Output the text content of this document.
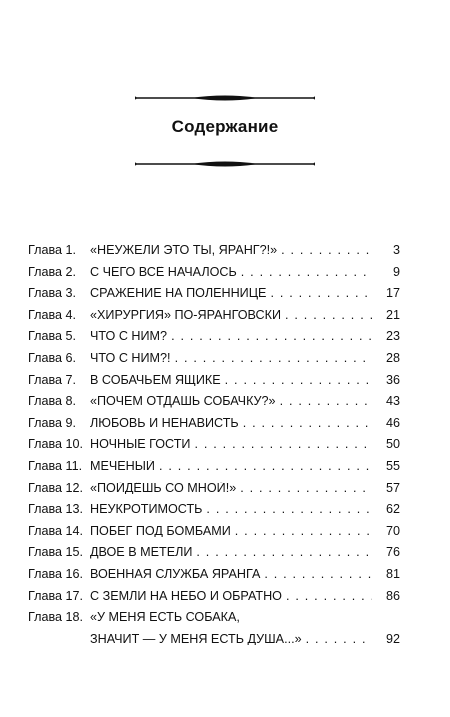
Содержание
Глава 1.	«НЕУЖЕЛИ ЭТО ТЫ, ЯРАНГ?!» . . .	3
Глава 2.	С ЧЕГО ВСЁ НАЧАЛОСЬ . . .	9
Глава 3.	СРАЖЕНИЕ НА ПОЛЕННИЦЕ . . .	17
Глава 4.	«ХИРУРГИЯ» ПО-ЯРАНГОВСКИ . . .	21
Глава 5.	ЧТО С НИМ? . . .	23
Глава 6.	ЧТО С НИМ?! . . .	28
Глава 7.	В СОБАЧЬЕМ ЯЩИКЕ . . .	36
Глава 8.	«ПОЧЁМ ОТДАШЬ СОБАЧКУ?» . . .	43
Глава 9.	ЛЮБОВЬ И НЕНАВИСТЬ . . .	46
Глава 10. НОЧНЫЕ ГОСТИ . . .	50
Глава 11. МЕЧЕНЫЙ . . .	55
Глава 12. «ПОЙДЁШЬ СО МНОЙ!» . . .	57
Глава 13. НЕУКРОТИМОСТЬ . . .	62
Глава 14. ПОБЕГ ПОД БОМБАМИ . . .	70
Глава 15. ДВОЕ В МЕТЕЛИ . . .	76
Глава 16. ВОЕННАЯ СЛУЖБА ЯРАНГА . . .	81
Глава 17. С ЗЕМЛИ НА НЕБО И ОБРАТНО . . .	86
Глава 18. «У МЕНЯ ЕСТЬ СОБАКА,
ЗНАЧИТ — У МЕНЯ ЕСТЬ ДУША...» . . .	92
